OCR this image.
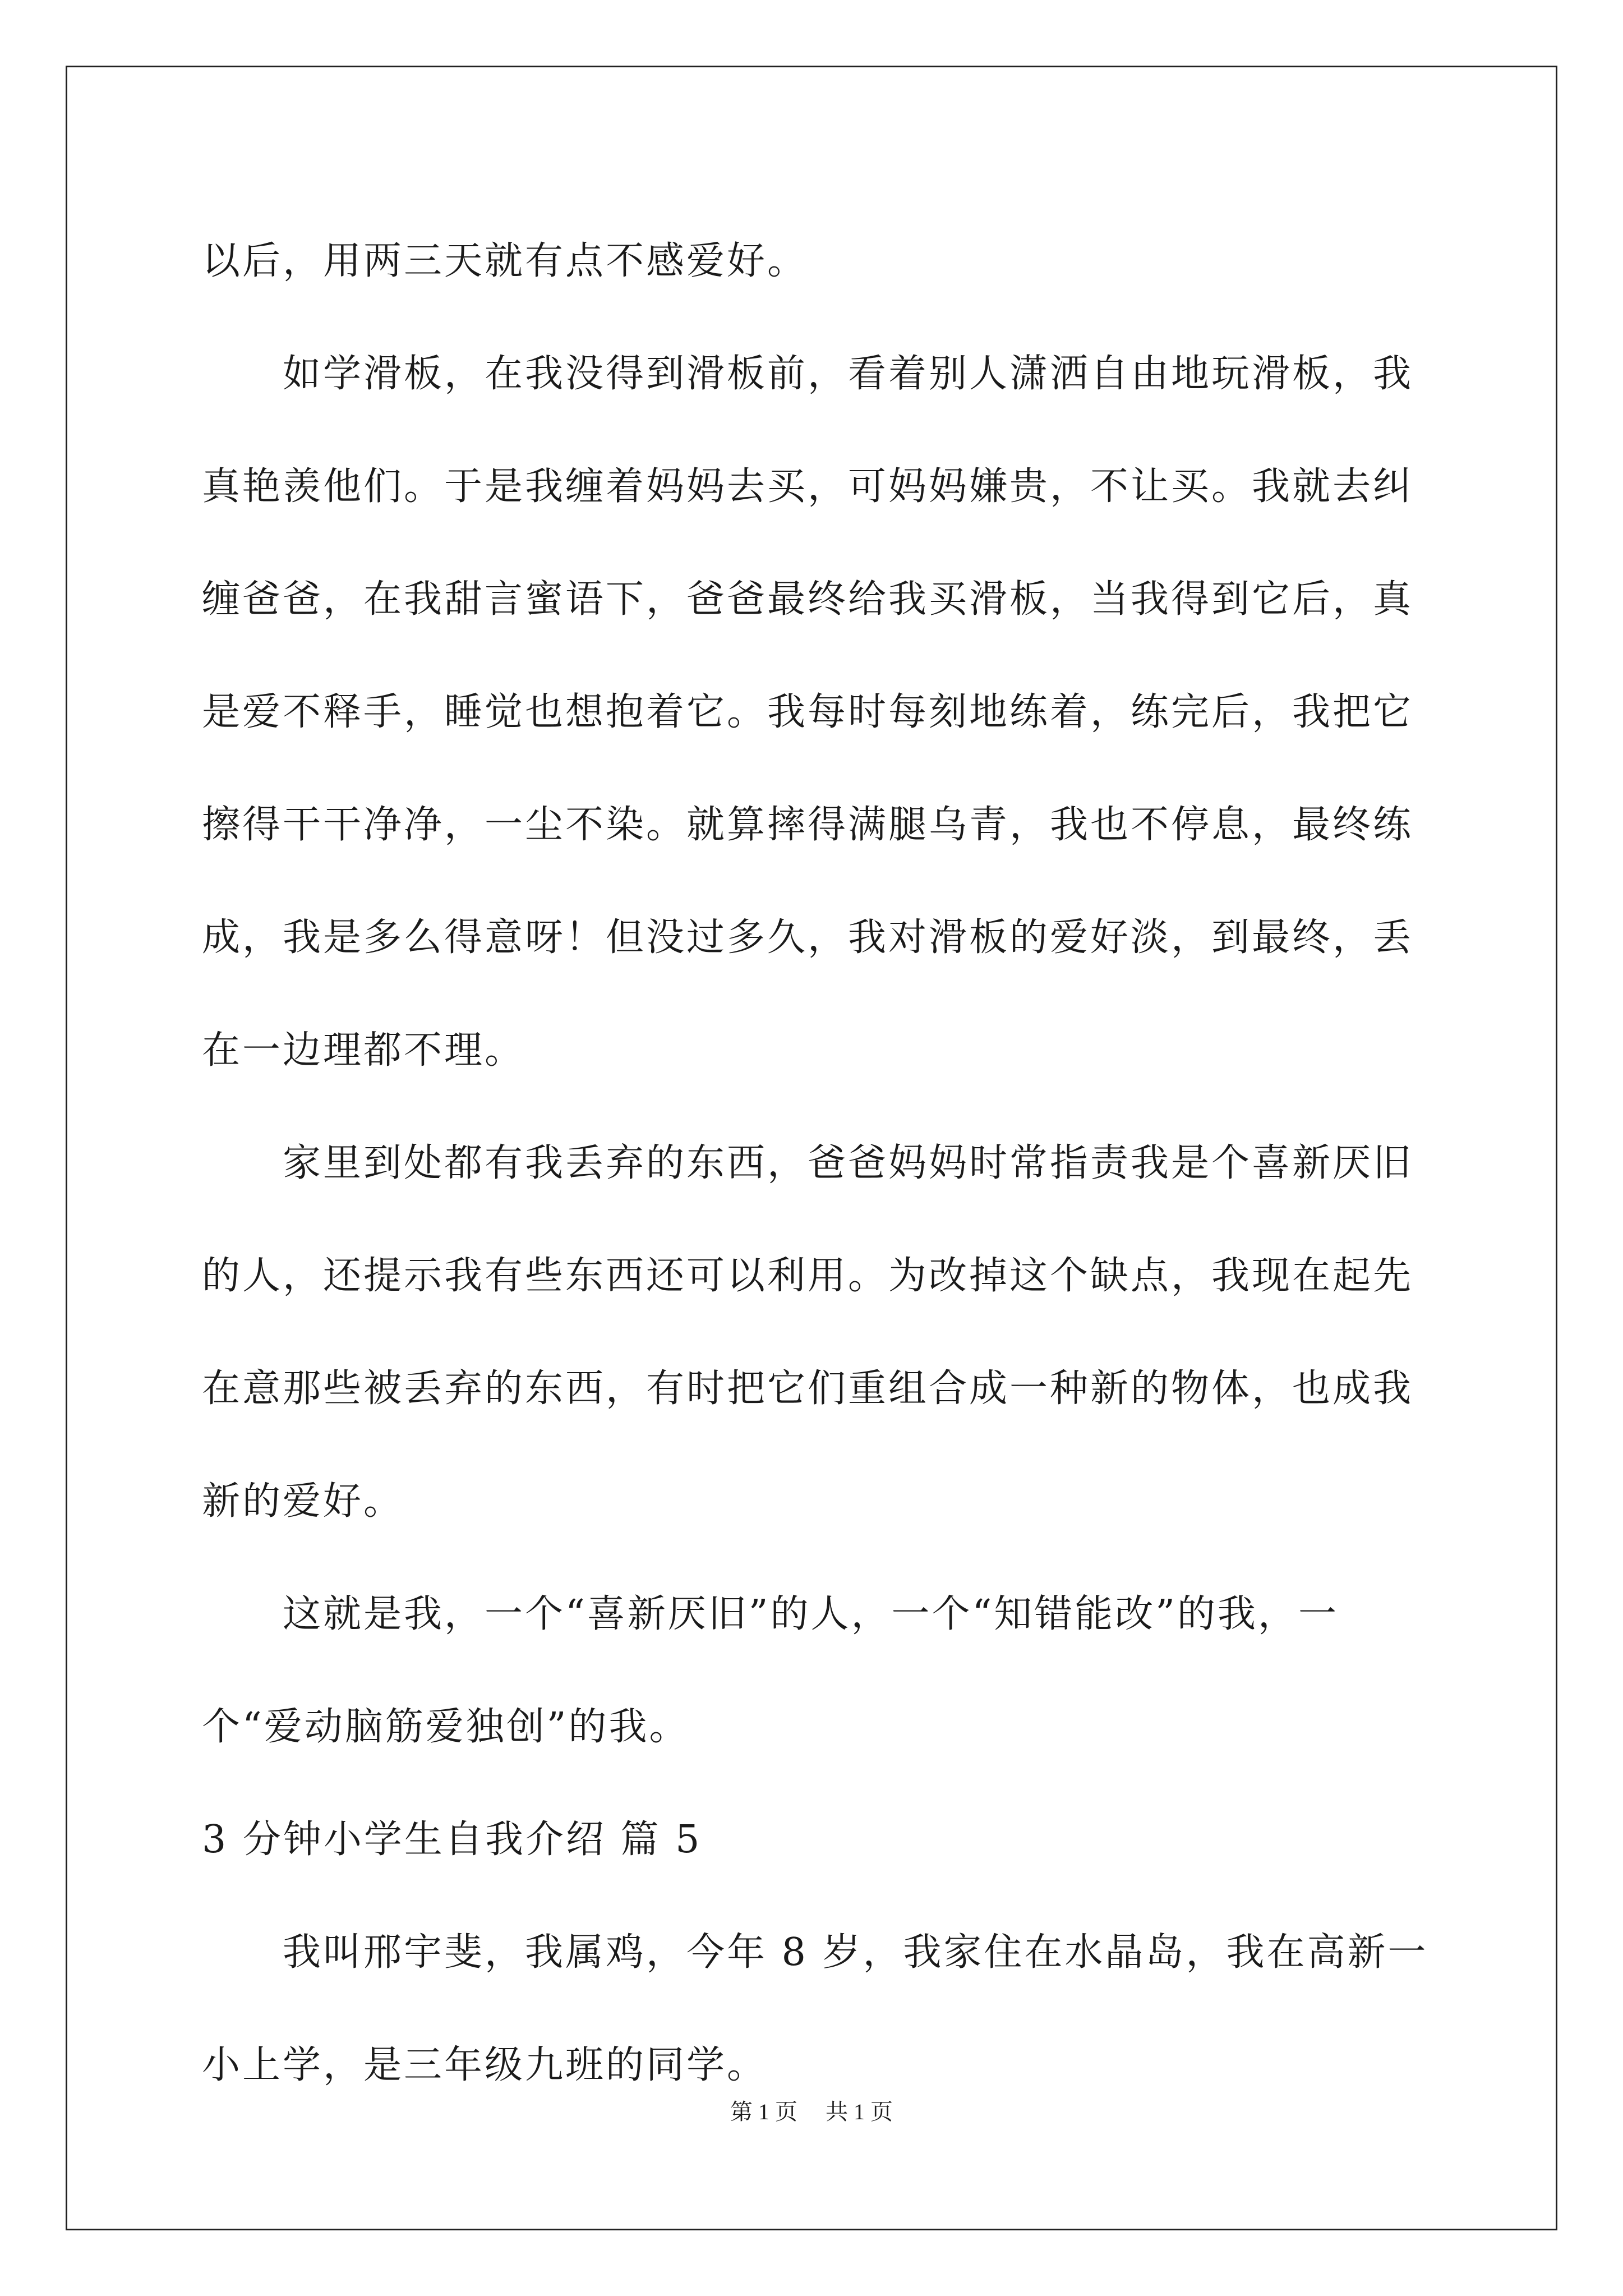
以后，用两三天就有点不感爱好。

如学滑板，在我没得到滑板前，看着别人潇洒自由地玩滑板，我真艳羡他们。于是我缠着妈妈去买，可妈妈嫌贵，不让买。我就去纠缠爸爸，在我甜言蜜语下，爸爸最终给我买滑板，当我得到它后，真是爱不释手，睡觉也想抱着它。我每时每刻地练着，练完后，我把它擦得干干净净，一尘不染。就算摔得满腿乌青，我也不停息，最终练成，我是多么得意呀！但没过多久，我对滑板的爱好淡，到最终，丢在一边理都不理。

家里到处都有我丢弃的东西，爸爸妈妈时常指责我是个喜新厌旧的人，还提示我有些东西还可以利用。为改掉这个缺点，我现在起先在意那些被丢弃的东西，有时把它们重组合成一种新的物体，也成我新的爱好。

这就是我，一个“喜新厌旧”的人，一个“知错能改”的我，一个“爱动脑筋爱独创”的我。

3 分钟小学生自我介绍 篇 5

我叫邢宇斐，我属鸡，今年 8 岁，我家住在水晶岛，我在高新一小上学，是三年级九班的同学。

第 1 页 共 1 页
